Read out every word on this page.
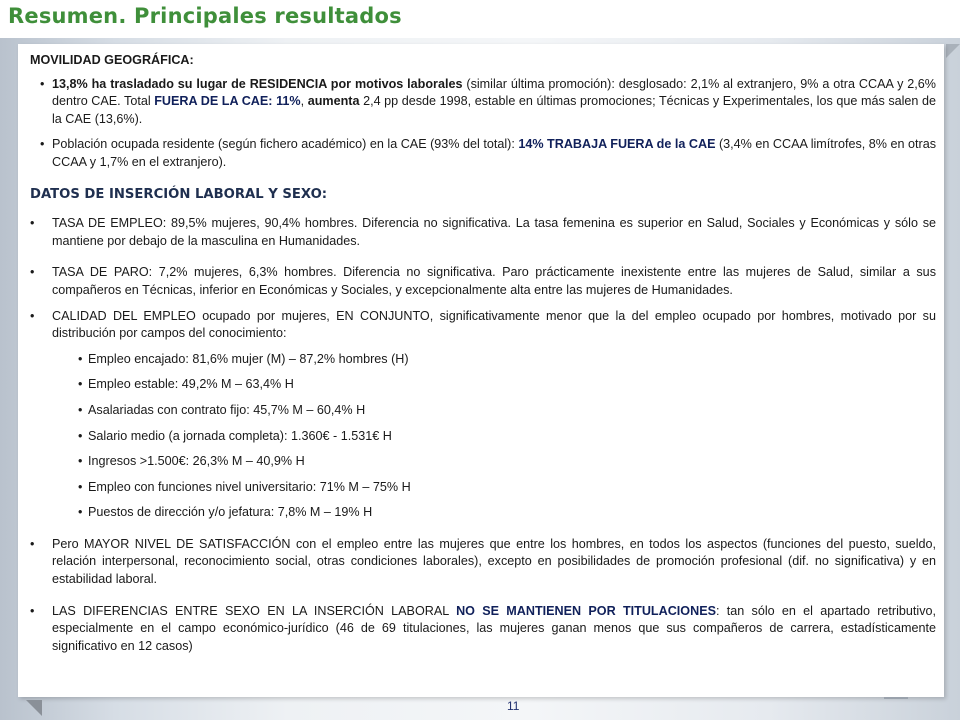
Resumen. Principales resultados
MOVILIDAD GEOGRÁFICA:
• 13,8% ha trasladado su lugar de RESIDENCIA por motivos laborales (similar última promoción): desglosado: 2,1% al extranjero, 9% a otra CCAA y 2,6% dentro CAE. Total FUERA DE LA CAE: 11%, aumenta 2,4 pp desde 1998, estable en últimas promociones; Técnicas y Experimentales, los que más salen de la CAE (13,6%).
• Población ocupada residente (según fichero académico) en la CAE (93% del total): 14% TRABAJA FUERA de la CAE (3,4% en CCAA limítrofes, 8% en otras CCAA y 1,7% en el extranjero).
DATOS DE INSERCIÓN LABORAL Y SEXO:
• TASA DE EMPLEO: 89,5% mujeres, 90,4% hombres. Diferencia no significativa. La tasa femenina es superior en Salud, Sociales y Económicas y sólo se mantiene por debajo de la masculina en Humanidades.
• TASA DE PARO: 7,2% mujeres, 6,3% hombres. Diferencia no significativa. Paro prácticamente inexistente entre las mujeres de Salud, similar a sus compañeros en Técnicas, inferior en Económicas y Sociales, y excepcionalmente alta entre las mujeres de Humanidades.
• CALIDAD DEL EMPLEO ocupado por mujeres, EN CONJUNTO, significativamente menor que la del empleo ocupado por hombres, motivado por su distribución por campos del conocimiento:
• Empleo encajado: 81,6% mujer (M) – 87,2% hombres (H)
• Empleo estable: 49,2% M – 63,4% H
• Asalariadas con contrato fijo: 45,7% M – 60,4% H
• Salario medio (a jornada completa): 1.360€ - 1.531€ H
• Ingresos >1.500€: 26,3% M – 40,9% H
• Empleo con funciones nivel universitario: 71% M – 75% H
• Puestos de dirección y/o jefatura: 7,8% M – 19% H
• Pero MAYOR NIVEL DE SATISFACCIÓN con el empleo entre las mujeres que entre los hombres, en todos los aspectos (funciones del puesto, sueldo, relación interpersonal, reconocimiento social, otras condiciones laborales), excepto en posibilidades de promoción profesional (dif. no significativa) y en estabilidad laboral.
• LAS DIFERENCIAS ENTRE SEXO EN LA INSERCIÓN LABORAL NO SE MANTIENEN POR TITULACIONES: tan sólo en el apartado retributivo, especialmente en el campo económico-jurídico (46 de 69 titulaciones, las mujeres ganan menos que sus compañeros de carrera, estadísticamente significativo en 12 casos)
11
